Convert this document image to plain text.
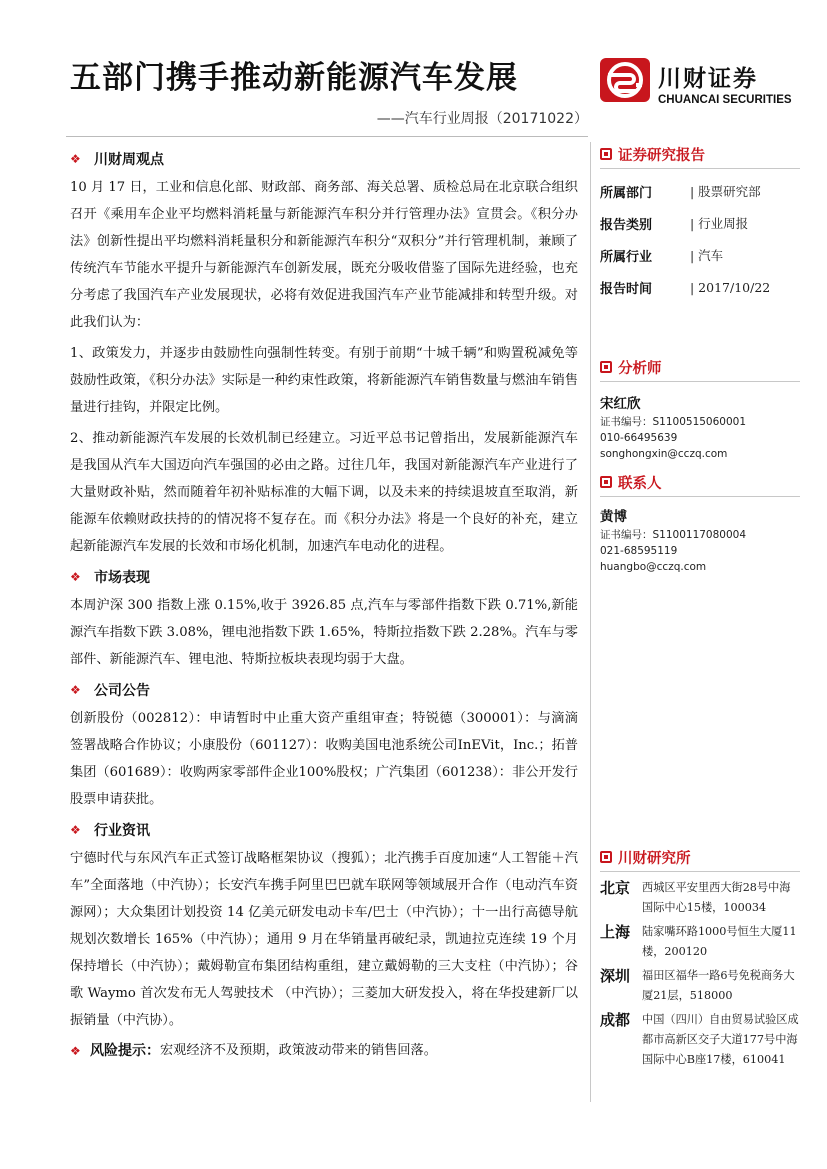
五部门携手推动新能源汽车发展
——汽车行业周报（20171022）
川财证券
CHUANCAI SECURITIES
❖ 川财周观点

10 月 17 日，工业和信息化部、财政部、商务部、海关总署、质检总局在北京联合组织召开《乘用车企业平均燃料消耗量与新能源汽车积分并行管理办法》宣贯会。《积分办法》创新性提出平均燃料消耗量积分和新能源汽车积分“双积分”并行管理机制，兼顾了传统汽车节能水平提升与新能源汽车创新发展，既充分吸收借鉴了国际先进经验，也充分考虑了我国汽车产业发展现状，必将有效促进我国汽车产业节能减排和转型升级。对此我们认为：

1、政策发力，并逐步由鼓励性向强制性转变。有别于前期“十城千辆”和购置税减免等鼓励性政策，《积分办法》实际是一种约束性政策，将新能源汽车销售数量与燃油车销售量进行挂钩，并限定比例。

2、推动新能源汽车发展的长效机制已经建立。习近平总书记曾指出，发展新能源汽车是我国从汽车大国迈向汽车强国的必由之路。过往几年，我国对新能源汽车产业进行了大量财政补贴，然而随着年初补贴标准的大幅下调，以及未来的持续退坡直至取消，新能源车依赖财政扶持的的情况将不复存在。而《积分办法》将是一个良好的补充，建立起新能源汽车发展的长效和市场化机制，加速汽车电动化的进程。

❖ 市场表现

本周沪深 300 指数上涨 0.15%,收于 3926.85 点,汽车与零部件指数下跌 0.71%,新能源汽车指数下跌 3.08%，锂电池指数下跌 1.65%，特斯拉指数下跌 2.28%。汽车与零部件、新能源汽车、锂电池、特斯拉板块表现均弱于大盘。

❖ 公司公告

创新股份（002812）：申请暂时中止重大资产重组审查；特锐德（300001）：与滴滴签署战略合作协议；小康股份（601127）：收购美国电池系统公司InEVit，Inc.；拓普集团（601689）：收购两家零部件企业100%股权；广汽集团（601238）：非公开发行股票申请获批。

❖ 行业资讯

宁德时代与东风汽车正式签订战略框架协议（搜狐）；北汽携手百度加速“人工智能＋汽车”全面落地（中汽协）；长安汽车携手阿里巴巴就车联网等领域展开合作（电动汽车资源网）；大众集团计划投资 14 亿美元研发电动卡车/巴士（中汽协）；十一出行高德导航规划次数增长 165%（中汽协）；通用 9 月在华销量再破纪录，凯迪拉克连续 19 个月保持增长（中汽协）；戴姆勒宣布集团结构重组，建立戴姆勒的三大支柱（中汽协）；谷歌 Waymo 首次发布无人驾驶技术 （中汽协）；三菱加大研发投入，将在华投建新厂以振销量（中汽协）。

❖ 风险提示： 宏观经济不及预期，政策波动带来的销售回落。
证券研究报告
所属部门	| 股票研究部
报告类别	| 行业周报
所属行业	| 汽车
报告时间	| 2017/10/22
分析师
宋红欣
证书编号：S1100515060001
010-66495639
songhongxin@cczq.com
联系人
黄博
证书编号：S1100117080004
021-68595119
huangbo@cczq.com
川财研究所
北京	西城区平安里西大街28号中海国际中心15楼，100034
上海	陆家嘴环路1000号恒生大厦11楼，200120
深圳	福田区福华一路6号免税商务大厦21层，518000
成都	中国（四川）自由贸易试验区成都市高新区交子大道177号中海国际中心B座17楼，610041
